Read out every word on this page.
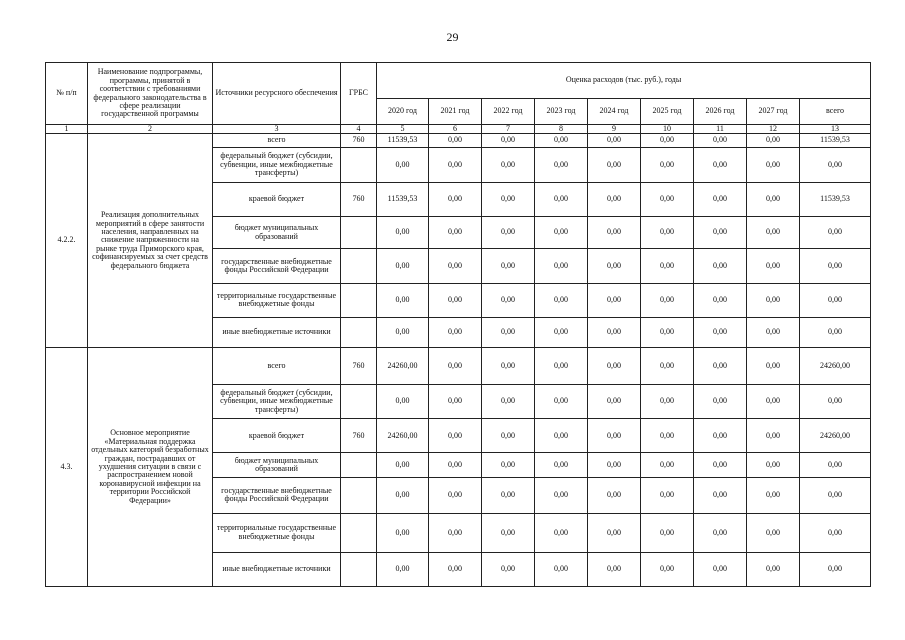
29
№ п/п	Наименование подпрограммы, программы, принятой в соответствии с требованиями федерального законодательства в сфере реализации государственной программы	Источники ресурсного обеспечения	ГРБС	Оценка расходов (тыс. руб.), годы								
				2020 год	2021 год	2022 год	2023 год	2024 год	2025 год	2026 год	2027 год	всего
1	2	3	4	5	6	7	8	9	10	11	12	13
4.2.2.	Реализация дополнительных мероприятий в сфере занятости населения, направленных на снижение напряженности на рынке труда Приморского края, софинансируемых за счет средств федерального бюджета	всего	760	11539,53	0,00	0,00	0,00	0,00	0,00	0,00	0,00	11539,53
		федеральный бюджет (субсидии, субвенции, иные межбюджетные трансферты)		0,00	0,00	0,00	0,00	0,00	0,00	0,00	0,00	0,00
		краевой бюджет	760	11539,53	0,00	0,00	0,00	0,00	0,00	0,00	0,00	11539,53
		бюджет муниципальных образований		0,00	0,00	0,00	0,00	0,00	0,00	0,00	0,00	0,00
		государственные внебюджетные фонды Российской Федерации		0,00	0,00	0,00	0,00	0,00	0,00	0,00	0,00	0,00
		территориальные государственные внебюджетные фонды		0,00	0,00	0,00	0,00	0,00	0,00	0,00	0,00	0,00
		иные внебюджетные источники		0,00	0,00	0,00	0,00	0,00	0,00	0,00	0,00	0,00
4.3.	Основное мероприятие «Материальная поддержка отдельных категорий безработных граждан, пострадавших от ухудшения ситуации в связи с распространением новой коронавирусной инфекции на территории Российской Федерации»	всего	760	24260,00	0,00	0,00	0,00	0,00	0,00	0,00	0,00	24260,00
		федеральный бюджет (субсидии, субвенции, иные межбюджетные трансферты)		0,00	0,00	0,00	0,00	0,00	0,00	0,00	0,00	0,00
		краевой бюджет	760	24260,00	0,00	0,00	0,00	0,00	0,00	0,00	0,00	24260,00
		бюджет муниципальных образований		0,00	0,00	0,00	0,00	0,00	0,00	0,00	0,00	0,00
		государственные внебюджетные фонды Российской Федерации		0,00	0,00	0,00	0,00	0,00	0,00	0,00	0,00	0,00
		территориальные государственные внебюджетные фонды		0,00	0,00	0,00	0,00	0,00	0,00	0,00	0,00	0,00
		иные внебюджетные источники		0,00	0,00	0,00	0,00	0,00	0,00	0,00	0,00	0,00
